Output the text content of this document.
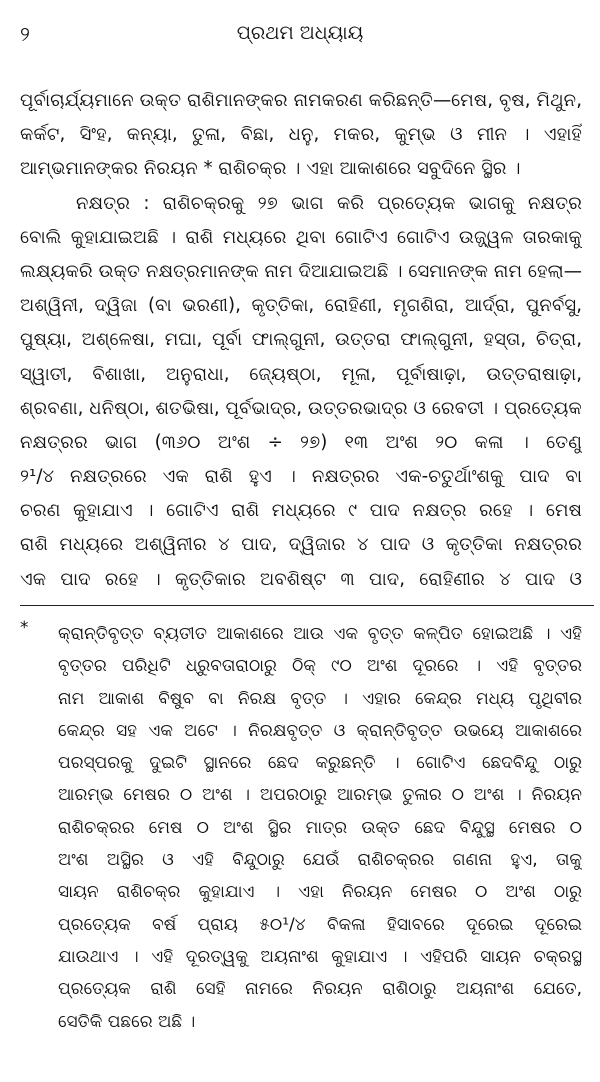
୨	ପ୍ରଥମ ଅଧ୍ୟାୟ
ପୂର୍ବାଚାର୍ଯ୍ୟମାନେ ଉକ୍ତ ରାଶିମାନଙ୍କର ନାମକରଣ କରିଛନ୍ତି—ମେଷ, ବୃଷ, ମିଥୁନ,
କର୍କଟ, ସିଂହ, କନ୍ୟା, ତୁଳା, ବିଛା, ଧନୁ, ମକର, କୁମ୍ଭ ଓ ମୀନ । ଏହାହିଁ
ଆମ୍ଭମାନଙ୍କର ନିରୟନ * ରାଶିଚକ୍ର । ଏହା ଆକାଶରେ ସବୁଦିନେ ସ୍ଥିର ।
ନକ୍ଷତ୍ର : ରାଶିଚକ୍ରକୁ ୨୭ ଭାଗ କରି ପ୍ରତ୍ୟେକ ଭାଗକୁ ନକ୍ଷତ୍ର
ବୋଲି କୁହାଯାଇଅଛି । ରାଶି ମଧ୍ୟରେ ଥିବା ଗୋଟିଏ ଗୋଟିଏ ଉଜ୍ଜ୍ୱଳ ତାରକାକୁ
ଲକ୍ଷ୍ୟକରି ଉକ୍ତ ନକ୍ଷତ୍ରମାନଙ୍କ ନାମ ଦିଆଯାଇଅଛି । ସେମାନଙ୍କ ନାମ ହେଲା—
ଅଶ୍ୱିନୀ, ଦ୍ୱିଜା (ବା ଭରଣୀ), କୃତ୍ତିକା, ରୋହିଣୀ, ମୃଗଶିରା, ଆର୍ଦ୍ରା, ପୁନର୍ବସୁ,
ପୁଷ୍ୟା, ଅଶ୍ଳେଷା, ମଘା, ପୂର୍ବା ଫାଲ୍‌ଗୁନୀ, ଉତ୍ତରା ଫାଲ୍‌ଗୁନୀ, ହସ୍ତା, ଚିତ୍ରା,
ସ୍ୱାତୀ, ବିଶାଖା, ଅନୁରାଧା, ଜ୍ୟେଷ୍ଠା, ମୂଳା, ପୂର୍ବାଷାଢ଼ା, ଉତ୍ତରାଷାଢ଼ା,
ଶ୍ରବଣା, ଧନିଷ୍ଠା, ଶତଭିଷା, ପୂର୍ବଭାଦ୍ର, ଉତ୍ତରଭାଦ୍ର ଓ ରେବତୀ । ପ୍ରତ୍ୟେକ
ନକ୍ଷତ୍ରର ଭାଗ (୩୬୦ ଅଂଶ ÷ ୨୭) ୧୩ ଅଂଶ ୨୦ କଳା । ତେଣୁ
୨¹/୪ ନକ୍ଷତ୍ରରେ ଏକ ରାଶି ହୁଏ । ନକ୍ଷତ୍ରର ଏକ-ଚତୁର୍ଥାଂଶକୁ ପାଦ ବା
ଚରଣ କୁହାଯାଏ । ଗୋଟିଏ ରାଶି ମଧ୍ୟରେ ୯ ପାଦ ନକ୍ଷତ୍ର ରହେ । ମେଷ
ରାଶି ମଧ୍ୟରେ ଅଶ୍ୱିନୀର ୪ ପାଦ, ଦ୍ୱିଜାର ୪ ପାଦ ଓ କୃତ୍ତିକା ନକ୍ଷତ୍ରର
ଏକ ପାଦ ରହେ । କୃତ୍ତିକାର ଅବଶିଷ୍ଟ ୩ ପାଦ, ରୋହିଣୀର ୪ ପାଦ ଓ
*	କ୍ରାନ୍ତିବୃତ୍ତ ବ୍ୟତୀତ ଆକାଶରେ ଆଉ ଏକ ବୃତ୍ତ କଳ୍ପିତ ହୋଇଅଛି । ଏହି
ବୃତ୍ତର ପରିଧିଟି ଧ୍ରୁବତାରାଠାରୁ ଠିକ୍ ୯୦ ଅଂଶ ଦୂରରେ । ଏହି ବୃତ୍ତର
ନାମ ଆକାଶ ବିଷୁବ ବା ନିରକ୍ଷ ବୃତ୍ତ । ଏହାର କେନ୍ଦ୍ର ମଧ୍ୟ ପୃଥିବୀର
କେନ୍ଦ୍ର ସହ ଏକ ଅଟେ । ନିରକ୍ଷବୃତ୍ତ ଓ କ୍ରାନ୍ତିବୃତ୍ତ ଉଭୟେ ଆକାଶରେ
ପରସ୍ପରକୁ ଦୁଇଟି ସ୍ଥାନରେ ଛେଦ କରୁଛନ୍ତି । ଗୋଟିଏ ଛେଦବିନ୍ଦୁ ଠାରୁ
ଆରମ୍ଭ ମେଷର ୦ ଅଂଶ । ଅପରଠାରୁ ଆରମ୍ଭ ତୁଳାର ୦ ଅଂଶ । ନିରୟନ
ରାଶିଚକ୍ରର ମେଷ ୦ ଅଂଶ ସ୍ଥିର ମାତ୍ର ଉକ୍ତ ଛେଦ ବିନ୍ଦୁସ୍ଥ ମେଷର ୦
ଅଂଶ ଅସ୍ଥିର ଓ ଏହି ବିନ୍ଦୁଠାରୁ ଯେଉଁ ରାଶିଚକ୍ରର ଗଣନା ହୁଏ, ତାକୁ
ସାୟନ ରାଶିଚକ୍ର କୁହାଯାଏ । ଏହା ନିରୟନ ମେଷର ୦ ଅଂଶ ଠାରୁ
ପ୍ରତ୍ୟେକ ବର୍ଷ ପ୍ରାୟ ୫୦¹/୪ ବିକଳା ହିସାବରେ ଦୂରେଇ ଦୂରେଇ
ଯାଉଥାଏ । ଏହି ଦୂରତ୍ୱକୁ ଅୟନାଂଶ କୁହାଯାଏ । ଏହିପରି ସାୟନ ଚକ୍ରସ୍ଥ
ପ୍ରତ୍ୟେକ ରାଶି ସେହି ନାମରେ ନିରୟନ ରାଶିଠାରୁ ଅୟନାଂଶ ଯେତେ,
ସେତିକି ପଛରେ ଅଛି ।
